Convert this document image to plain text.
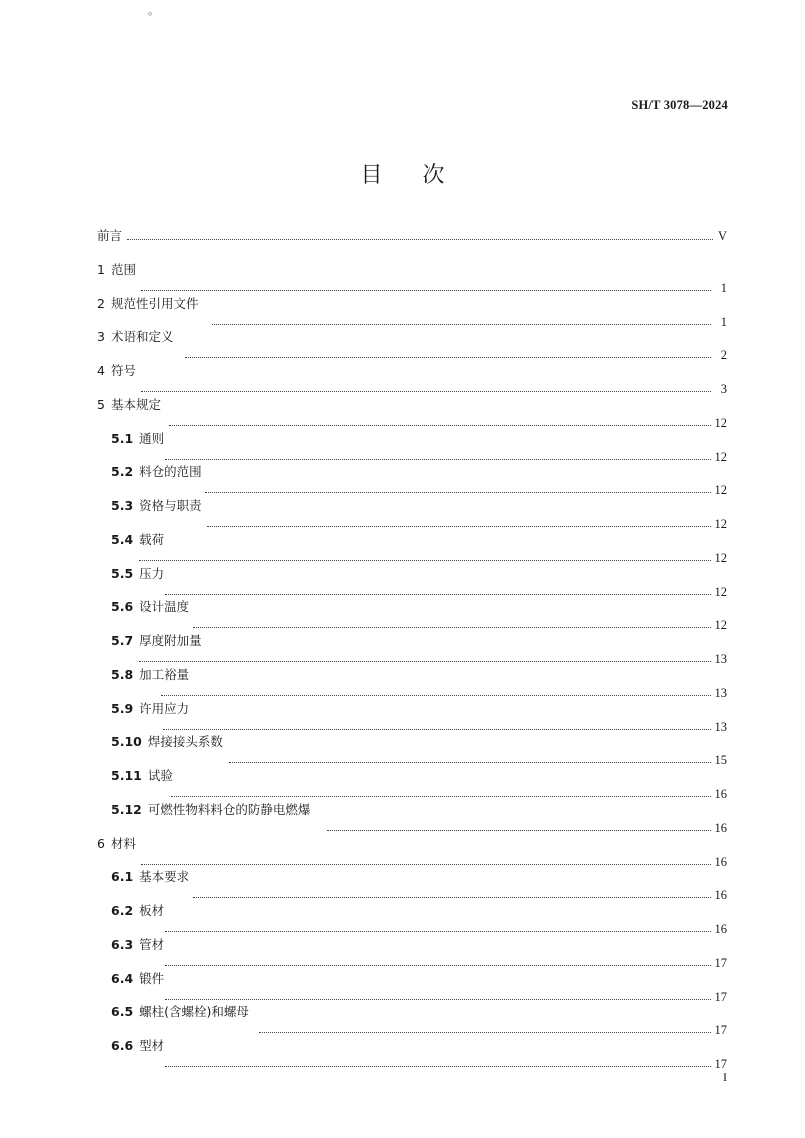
。
SH/T 3078—2024
目 次
前言	V
1 范围
1
2 规范性引用文件
1
3 术语和定义
2
4 符号
3
5 基本规定
12
5.1 通则
12
5.2 料仓的范围
12
5.3 资格与职责
12
5.4 载荷
12
5.5 压力
12
5.6 设计温度
12
5.7 厚度附加量
13
5.8 加工裕量
13
5.9 许用应力
13
5.10 焊接接头系数
15
5.11 试验
16
5.12 可燃性物料料仓的防静电燃爆
16
6 材料
16
6.1 基本要求
16
6.2 板材
16
6.3 管材
17
6.4 锻件
17
6.5 螺柱(含螺栓)和螺母
17
6.6 型材
17
I
